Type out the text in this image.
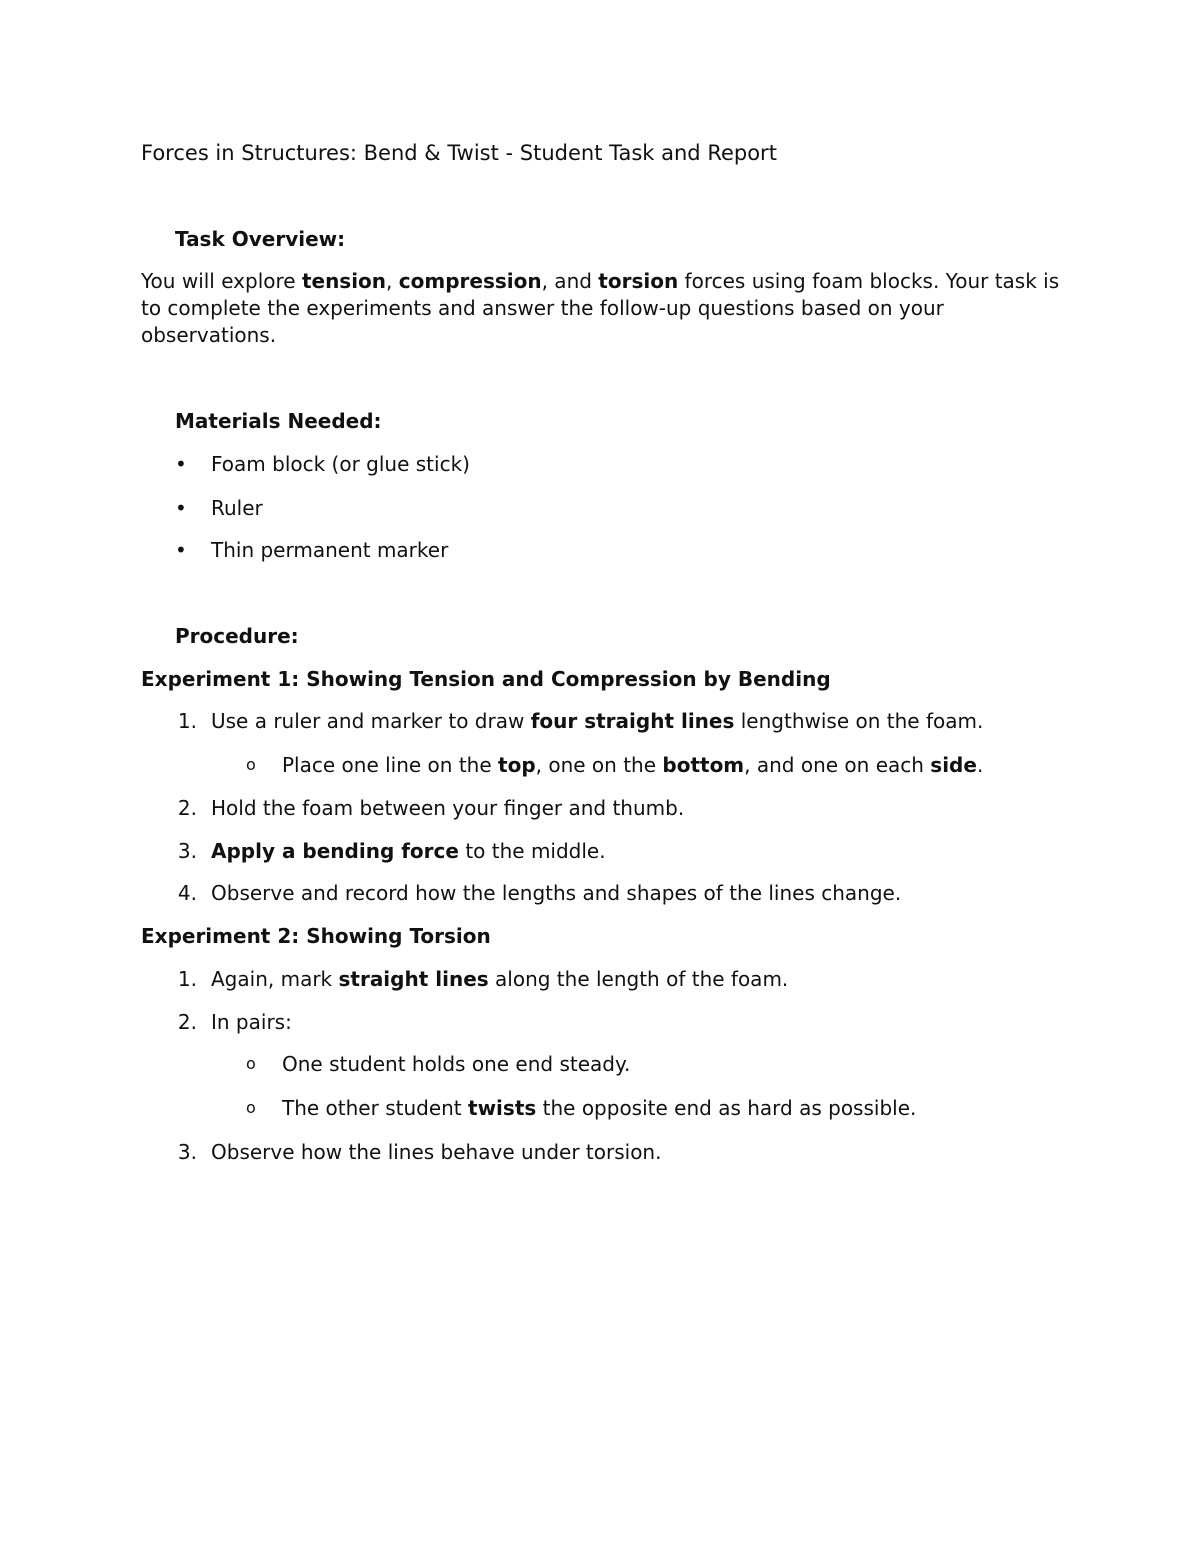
Forces in Structures: Bend & Twist - Student Task and Report
Task Overview:
You will explore tension, compression, and torsion forces using foam blocks. Your task is to complete the experiments and answer the follow-up questions based on your observations.
Materials Needed:
•	Foam block (or glue stick)
•	Ruler
•	Thin permanent marker
Procedure:
Experiment 1: Showing Tension and Compression by Bending
1. Use a ruler and marker to draw four straight lines lengthwise on the foam.
o	Place one line on the top, one on the bottom, and one on each side.
2. Hold the foam between your finger and thumb.
3. Apply a bending force to the middle.
4. Observe and record how the lengths and shapes of the lines change.
Experiment 2: Showing Torsion
1. Again, mark straight lines along the length of the foam.
2. In pairs:
o	One student holds one end steady.
o	The other student twists the opposite end as hard as possible.
3. Observe how the lines behave under torsion.
